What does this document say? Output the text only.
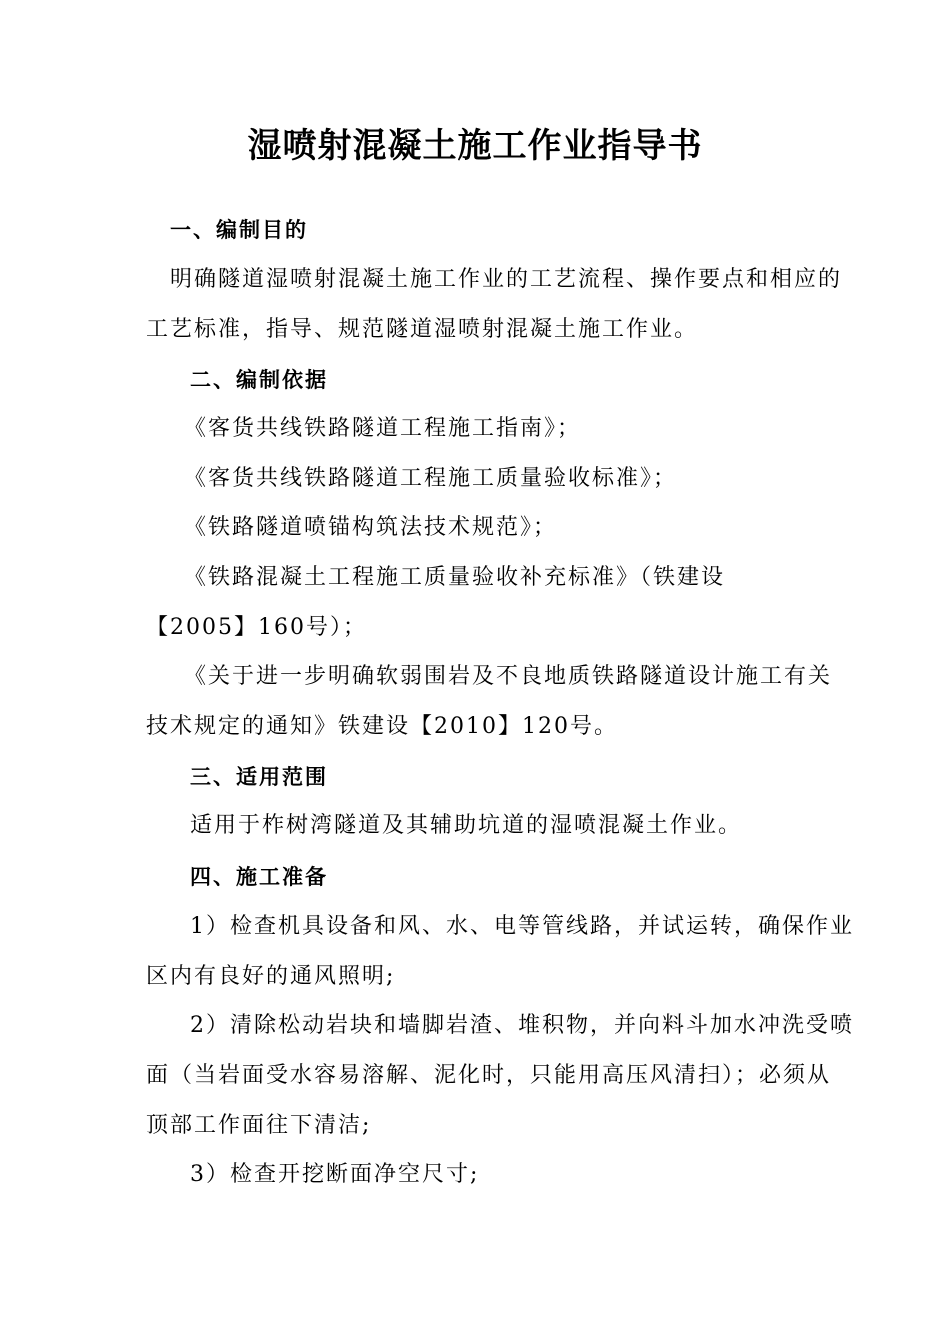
湿喷射混凝土施工作业指导书
一、编制目的
明确隧道湿喷射混凝土施工作业的工艺流程、操作要点和相应的
工艺标准，指导、规范隧道湿喷射混凝土施工作业。
二、编制依据
《客货共线铁路隧道工程施工指南》；
《客货共线铁路隧道工程施工质量验收标准》；
《铁路隧道喷锚构筑法技术规范》；
《铁路混凝土工程施工质量验收补充标准》（铁建设
【2005】160号）；
《关于进一步明确软弱围岩及不良地质铁路隧道设计施工有关
技术规定的通知》铁建设【2010】120号。
三、适用范围
适用于柞树湾隧道及其辅助坑道的湿喷混凝土作业。
四、施工准备
1）检查机具设备和风、水、电等管线路，并试运转，确保作业
区内有良好的通风照明;
2）清除松动岩块和墙脚岩渣、堆积物，并向料斗加水冲洗受喷
面（当岩面受水容易溶解、泥化时，只能用高压风清扫）；必须从
顶部工作面往下清洁;
3）检查开挖断面净空尺寸;
